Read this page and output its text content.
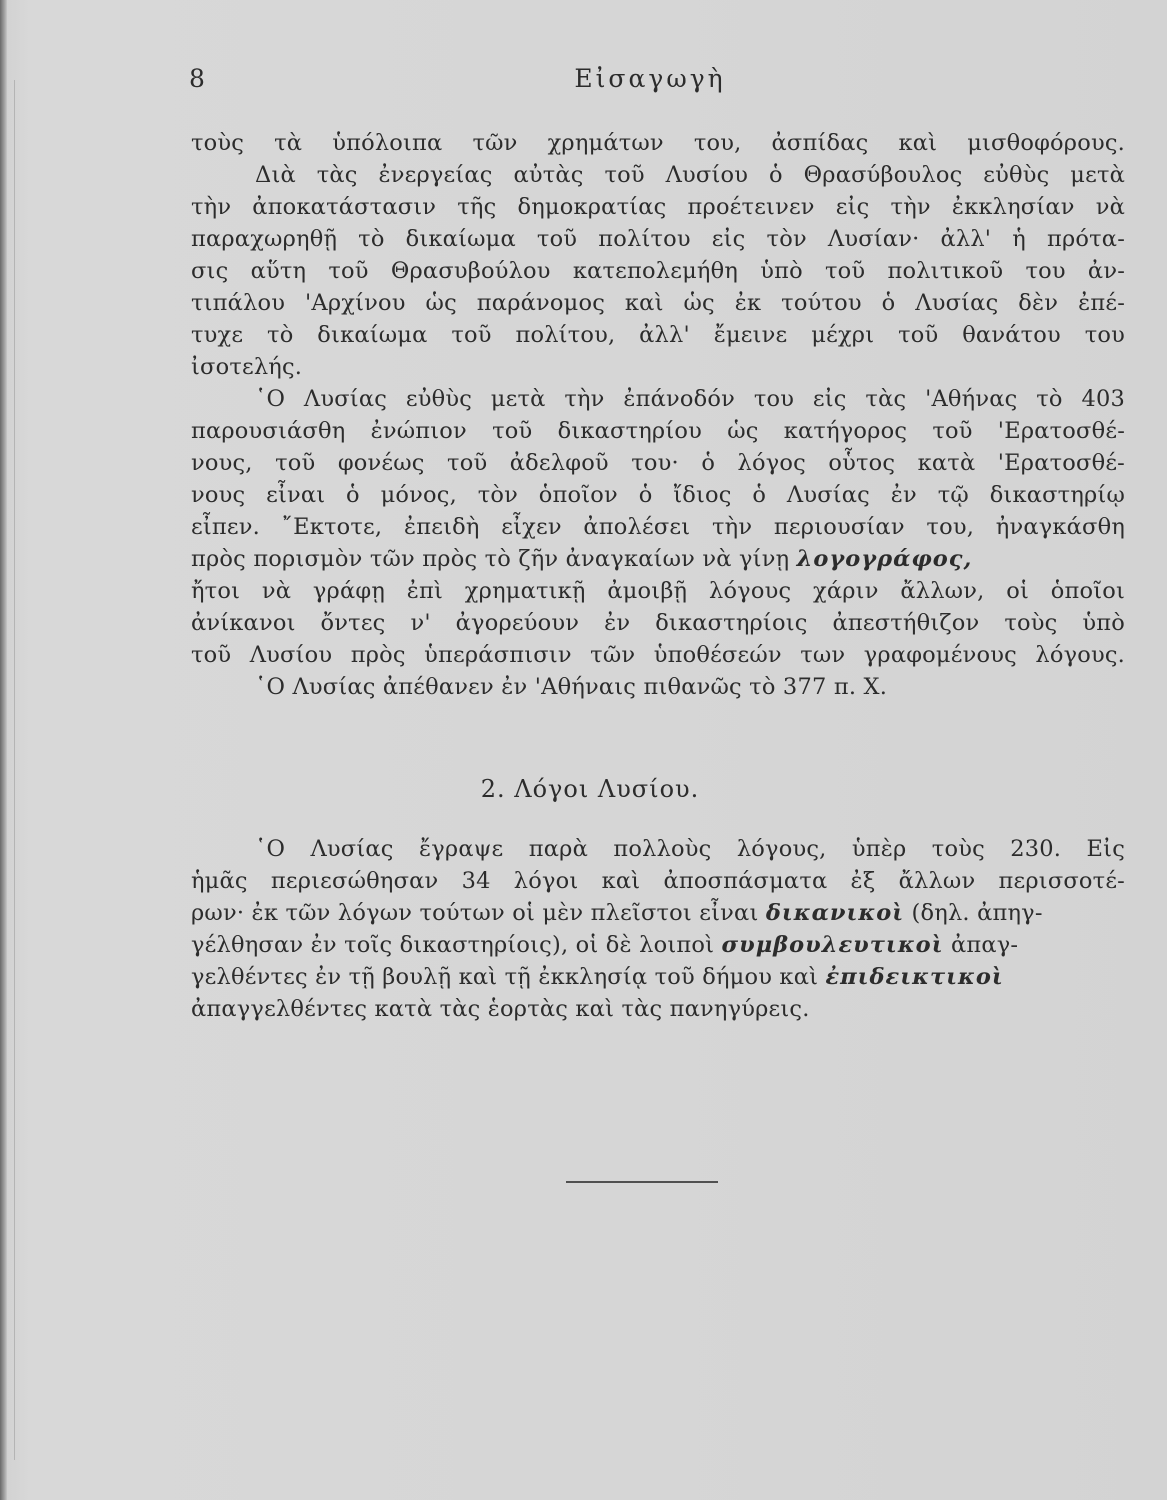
8	Εἰσαγωγὴ
τοὺς τὰ ὑπόλοιπα τῶν χρημάτων του, ἀσπίδας καὶ μισθοφόρους.
Διὰ τὰς ἐνεργείας αὐτὰς τοῦ Λυσίου ὁ Θρασύβουλος εὐθὺς μετὰ
τὴν ἀποκατάστασιν τῆς δημοκρατίας προέτεινεν εἰς τὴν ἐκκλησίαν νὰ
παραχωρηθῇ τὸ δικαίωμα τοῦ πολίτου εἰς τὸν Λυσίαν· ἀλλ' ἡ πρότα-
σις αὕτη τοῦ Θρασυβούλου κατεπολεμήθη ὑπὸ τοῦ πολιτικοῦ του ἀν-
τιπάλου 'Αρχίνου ὡς παράνομος καὶ ὡς ἐκ τούτου ὁ Λυσίας δὲν ἐπέ-
τυχε τὸ δικαίωμα τοῦ πολίτου, ἀλλ' ἔμεινε μέχρι τοῦ θανάτου του
ἰσοτελής.
῾Ο Λυσίας εὐθὺς μετὰ τὴν ἐπάνοδόν του εἰς τὰς 'Αθήνας τὸ 403
παρουσιάσθη ἐνώπιον τοῦ δικαστηρίου ὡς κατήγορος τοῦ 'Ερατοσθέ-
νους, τοῦ φονέως τοῦ ἀδελφοῦ του· ὁ λόγος οὗτος κατὰ 'Ερατοσθέ-
νους εἶναι ὁ μόνος, τὸν ὁποῖον ὁ ἴδιος ὁ Λυσίας ἐν τῷ δικαστηρίῳ
εἶπεν. ῎Εκτοτε, ἐπειδὴ εἶχεν ἀπολέσει τὴν περιουσίαν του, ἠναγκάσθη
πρὸς πορισμὸν τῶν πρὸς τὸ ζῆν ἀναγκαίων νὰ γίνῃ λογογράφος,
ἤτοι νὰ γράφῃ ἐπὶ χρηματικῇ ἀμοιβῇ λόγους χάριν ἄλλων, οἱ ὁποῖοι
ἀνίκανοι ὄντες ν' ἀγορεύουν ἐν δικαστηρίοις ἀπεστήθιζον τοὺς ὑπὸ
τοῦ Λυσίου πρὸς ὑπεράσπισιν τῶν ὑποθέσεών των γραφομένους λόγους.
῾Ο Λυσίας ἀπέθανεν ἐν 'Αθήναις πιθανῶς τὸ 377 π. Χ.
2. Λόγοι Λυσίου.
῾Ο Λυσίας ἔγραψε παρὰ πολλοὺς λόγους, ὑπὲρ τοὺς 230. Εἰς
ἡμᾶς περιεσώθησαν 34 λόγοι καὶ ἀποσπάσματα ἐξ ἄλλων περισσοτέ-
ρων· ἐκ τῶν λόγων τούτων οἱ μὲν πλεῖστοι εἶναι δικανικοὶ (δηλ. ἀπηγ-
γέλθησαν ἐν τοῖς δικαστηρίοις), οἱ δὲ λοιποὶ συμβουλευτικοὶ ἀπαγ-
γελθέντες ἐν τῇ βουλῇ καὶ τῇ ἐκκλησίᾳ τοῦ δήμου καὶ ἐπιδεικτικοὶ
ἀπαγγελθέντες κατὰ τὰς ἑορτὰς καὶ τὰς πανηγύρεις.
